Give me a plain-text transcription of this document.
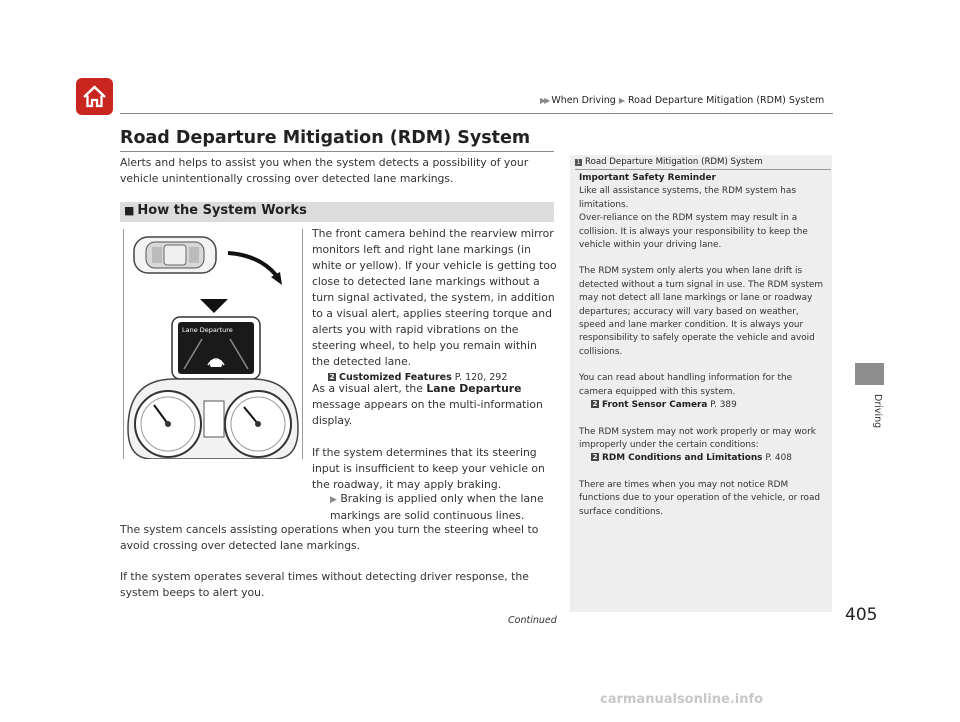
▶▶ When Driving ▶ Road Departure Mitigation (RDM) System
Road Departure Mitigation (RDM) System
Alerts and helps to assist you when the system detects a possibility of your vehicle unintentionally crossing over detected lane markings.
■ How the System Works
Lane Departure
The front camera behind the rearview mirror monitors left and right lane markings (in white or yellow). If your vehicle is getting too close to detected lane markings without a turn signal activated, the system, in addition to a visual alert, applies steering torque and alerts you with rapid vibrations on the steering wheel, to help you remain within the detected lane.
2 Customized Features P. 120, 292
As a visual alert, the Lane Departure message appears on the multi-information display.
If the system determines that its steering input is insufficient to keep your vehicle on the roadway, it may apply braking.
▶ Braking is applied only when the lane markings are solid continuous lines.
The system cancels assisting operations when you turn the steering wheel to avoid crossing over detected lane markings.
If the system operates several times without detecting driver response, the system beeps to alert you.
Continued	405
Driving
1 Road Departure Mitigation (RDM) System

Important Safety Reminder

Like all assistance systems, the RDM system has limitations.

Over-reliance on the RDM system may result in a collision. It is always your responsibility to keep the vehicle within your driving lane.

The RDM system only alerts you when lane drift is detected without a turn signal in use. The RDM system may not detect all lane markings or lane or roadway departures; accuracy will vary based on weather, speed and lane marker condition. It is always your responsibility to safely operate the vehicle and avoid collisions.

You can read about handling information for the camera equipped with this system.

2 Front Sensor Camera P. 389

The RDM system may not work properly or may work improperly under the certain conditions:

2 RDM Conditions and Limitations P. 408

There are times when you may not notice RDM functions due to your operation of the vehicle, or road surface conditions.

carmanualsonline.info
